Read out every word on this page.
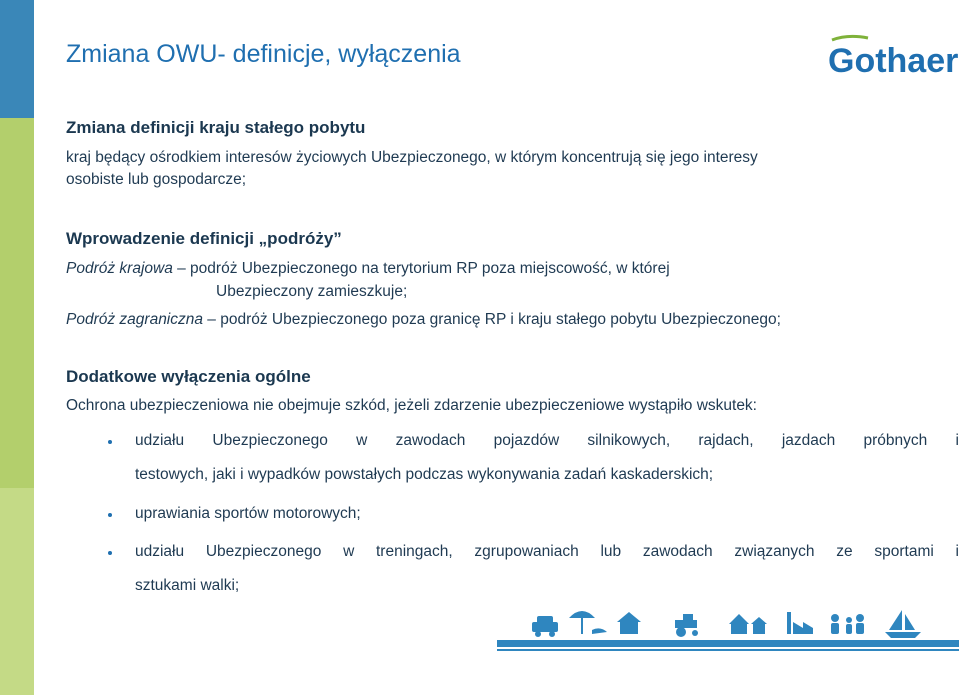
Zmiana OWU- definicje, wyłączenia	Gothaer
Zmiana definicji kraju stałego pobytu
kraj będący ośrodkiem interesów życiowych Ubezpieczonego, w którym koncentrują się jego interesy
osobiste lub gospodarcze;
Wprowadzenie definicji „podróży”
Podróż krajowa – podróż Ubezpieczonego na terytorium RP poza miejscowość, w której
Ubezpieczony zamieszkuje;
Podróż zagraniczna – podróż Ubezpieczonego poza granicę RP i kraju stałego pobytu Ubezpieczonego;
Dodatkowe wyłączenia ogólne
Ochrona ubezpieczeniowa nie obejmuje szkód, jeżeli zdarzenie ubezpieczeniowe wystąpiło wskutek:
udziału Ubezpieczonego w zawodach pojazdów silnikowych, rajdach, jazdach próbnych i
testowych, jaki i wypadków powstałych podczas wykonywania zadań kaskaderskich;
uprawiania sportów motorowych;
udziału Ubezpieczonego w treningach, zgrupowaniach lub zawodach związanych ze sportami i
sztukami walki;
